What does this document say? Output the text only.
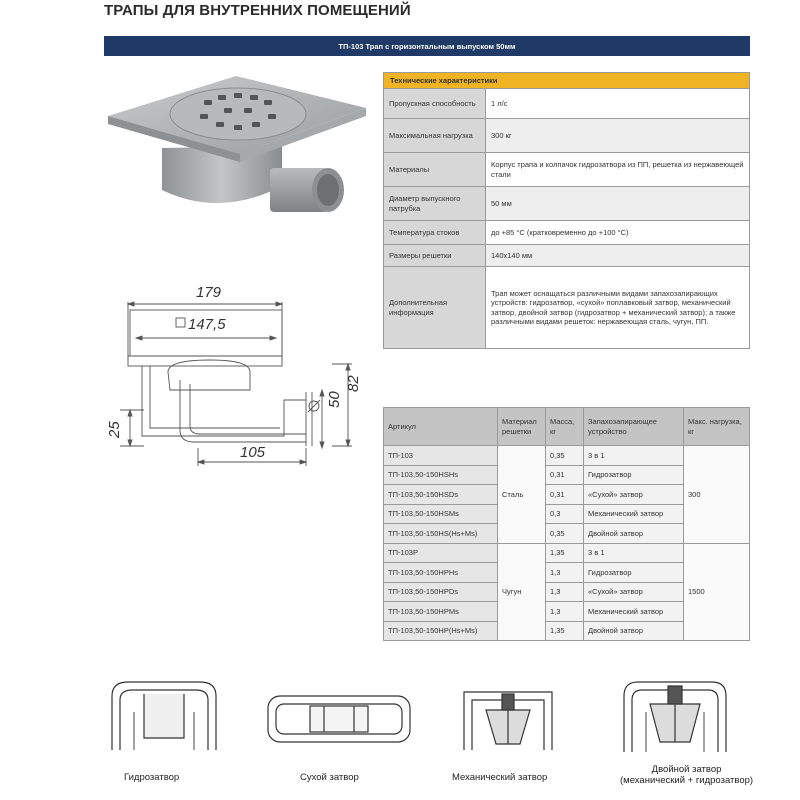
ТРАПЫ ДЛЯ ВНУТРЕННИХ ПОМЕЩЕНИЙ
ТП-103 Трап с горизонтальным выпуском 50мм
179
147,5
82
50
25
105
Технические характеристики	
Пропускная способность	1 л/с
Максимальная нагрузка	300 кг
Материалы	Корпус трапа и колпачок гидрозатвора из ПП, решетка из нержавеющей стали
Диаметр выпускного патрубка	50 мм
Температура стоков	до +85 °С (кратковременно до +100 °С)
Размеры решетки	140х140 мм
Дополнительная информация	Трап может оснащаться различными видами запахозапирающих устройств: гидрозатвор, «сухой» поплавковый затвор, механический затвор, двойной затвор (гидрозатвор + механический затвор); а также различными видами решеток: нержавеющая сталь, чугун, ПП.
Артикул	Материал решетки	Масса, кг	Запахозапирающее устройство	Макс. нагрузка, кг
ТП-103	Сталь	0,35	3 в 1	300
ТП-103,50-150HSHs		0,31	Гидрозатвор	
ТП-103,50-150HSDs		0,31	«Сухой» затвор	
ТП-103,50-150HSMs		0,3	Механический затвор	
ТП-103,50-150HS(Hs+Ms)		0,35	Двойной затвор	
ТП-103Р	Чугун	1,35	3 в 1	1500
ТП-103,50-150HPHs		1,3	Гидрозатвор	
ТП-103,50-150HPDs		1,3	«Сухой» затвор	
ТП-103,50-150HPMs		1,3	Механический затвор	
ТП-103,50-150HP(Hs+Ms)		1,35	Двойной затвор	
Гидрозатвор	Сухой затвор	Механический затвор
Двойной затвор
(механический + гидрозатвор)
